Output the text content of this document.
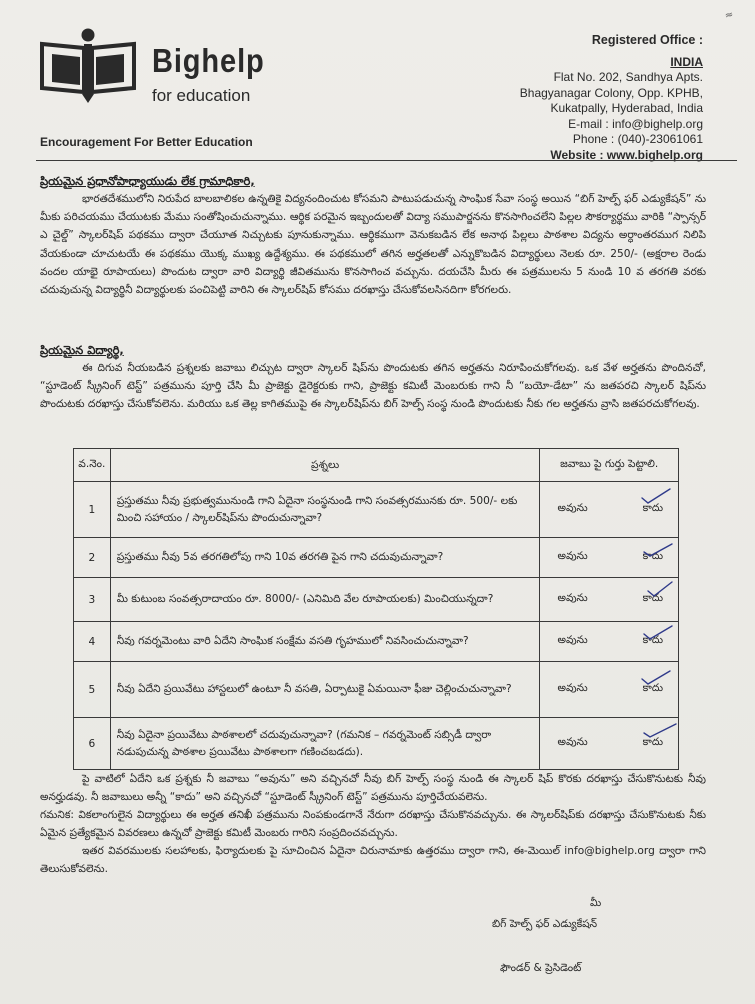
Bighelp
for education
Encouragement For Better Education
≈
Registered Office :
INDIA
Flat No. 202, Sandhya Apts.
Bhagyanagar Colony, Opp. KPHB,
Kukatpally, Hyderabad, India
E-mail : info@bighelp.org
Phone : (040)-23061061
Website : www.bighelp.org
ప్రియమైన ప్రధానోపాధ్యాయుడు లేక గ్రామాధికారి,
భారతదేశములోని నిరుపేద బాలబాలికల ఉన్నతికై విద్యనందించుట కోసమని పాటుపడుచున్న సాంఘిక సేవా సంస్థ అయిన “బిగ్ హెల్ప్ ఫర్ ఎడ్యుకేషన్” ను మీకు పరిచయము చేయుటకు మేము సంతోషించుచున్నాము. ఆర్థిక పరమైన ఇబ్బందులతో విద్యా సముపార్జనను కొనసాగించలేని పిల్లల సౌకర్యార్థము వారికి “స్పాన్సర్ ఎ చైల్డ్” స్కాలర్‌షిప్ పథకము ద్వారా చేయూత నిచ్చుటకు పూనుకున్నాము. ఆర్థికముగా వెనుకబడిన లేక అనాథ పిల్లలు పాఠశాల విద్యను అర్ధాంతరముగ నిలిపి వేయకుండా చూచుటయే ఈ పథకము యొక్క ముఖ్య ఉద్దేశ్యము. ఈ పథకములో తగిన అర్హతలతో ఎన్నుకొబడిన విద్యార్థులు నెలకు రూ. 250/- (అక్షరాల రెండు వందల యాభై రూపాయలు) పొందుట ద్వారా వారి విద్యార్థి జీవితమును కొనసాగించ వచ్చును. దయచేసి మీరు ఈ పత్రములను 5 నుండి 10 వ తరగతి వరకు చదువుచున్న విద్యార్థినీ విద్యార్థులకు పంచిపెట్టి వారిని ఈ స్కాలర్‌షిప్ కోసము దరఖాస్తు చేసుకోవలసినదిగా కోరగలరు.
ప్రియమైన విద్యార్థి,
ఈ దిగువ నీయబడిన ప్రశ్నలకు జవాబు లిచ్చుట ద్వారా స్కాలర్ షిప్‌ను పొందుటకు తగిన అర్హతను నిరూపించుకోగలవు. ఒక వేళ అర్హతను పొందినచో, “స్టూడెంట్ స్క్రీనింగ్ టెస్ట్” పత్రమును పూర్తి చేసి మీ ప్రాజెక్టు డైరెక్టరుకు గాని, ప్రాజెక్టు కమిటీ మెంబరుకు గాని నీ “బయో-డేటా” ను జతపరచి స్కాలర్ షిప్‌ను పొందుటకు దరఖాస్తు చేసుకోవలెను. మరియు ఒక తెల్ల కాగితముపై ఈ స్కాలర్‌షిప్‌ను బిగ్ హెల్ప్ సంస్థ నుండి పొందుటకు నీకు గల అర్హతను వ్రాసి జతపరచుకోగలవు.
వ.నెం.	ప్రశ్నలు	జవాబు పై గుర్తు పెట్టాలి.
1	ప్రస్తుతము నీవు ప్రభుత్వమునుండి గాని ఏదైనా సంస్థనుండి గాని సంవత్సరమునకు రూ. 500/- లకు మించి సహాయం / స్కాలర్‌షిప్‌ను పొందుచున్నావా?	అవును కాదు

2	ప్రస్తుతము నీవు 5వ తరగతిలోపు గాని 10వ తరగతి పైన గాని చదువుచున్నావా?	అవును కాదు

3	మీ కుటుంబ సంవత్సరాదాయం రూ. 8000/- (ఎనిమిది వేల రూపాయలకు) మించియున్నదా?	అవును కాదు

4	నీవు గవర్నమెంటు వారి ఏదేని సాంఘిక సంక్షేమ వసతి గృహములో నివసించుచున్నావా?	అవును కాదు

5	నీవు ఏదేని ప్రయివేటు హాస్టలులో ఉంటూ నీ వసతి, ఏర్పాటుకై ఏమయినా ఫీజు చెల్లించుచున్నావా?	అవును కాదు

6	నీవు ఏదైనా ప్రయివేటు పాఠశాలలో చదువుచున్నావా? (గమనిక – గవర్నమెంట్ సబ్సిడీ ద్వారా నడుపుచున్న పాఠశాల ప్రయివేటు పాఠశాలగా గణించబడదు).	అవును కాదు
పై వాటిలో ఏదేని ఒక ప్రశ్నకు నీ జవాబు “అవును” అని వచ్చినచో నీవు బిగ్ హెల్ప్ సంస్థ నుండి ఈ స్కాలర్ షిప్ కొరకు దరఖాస్తు చేసుకొనుటకు నీవు అనర్హుడవు. నీ జవాబులు అన్నీ “కాదు” అని వచ్చినచో “స్టూడెంట్ స్క్రీనింగ్ టెస్ట్” పత్రమును పూర్తిచేయవలెను.
గమనిక: వికలాంగులైన విద్యార్థులు ఈ అర్హత తనిఖీ పత్రమును నింపకుండగానే నేరుగా దరఖాస్తు చేసుకొనవచ్చును. ఈ స్కాలర్‌షిప్‌కు దరఖాస్తు చేసుకొనుటకు నీకు ఏమైన ప్రత్యేకమైన వివరణలు ఉన్నచో ప్రాజెక్టు కమిటీ మెంబరు గారిని సంప్రదించవచ్చును.
ఇతర వివరములకు సలహాలకు, ఫిర్యాదులకు పై సూచించిన ఏదైనా చిరునామాకు ఉత్తరము ద్వారా గాని, ఈ-మెయిల్ info@bighelp.org ద్వారా గాని తెలుసుకోవలెను.
మీ
బిగ్ హెల్ప్ ఫర్ ఎడ్యుకేషన్
ఫౌండర్ & ప్రెసిడెంట్
